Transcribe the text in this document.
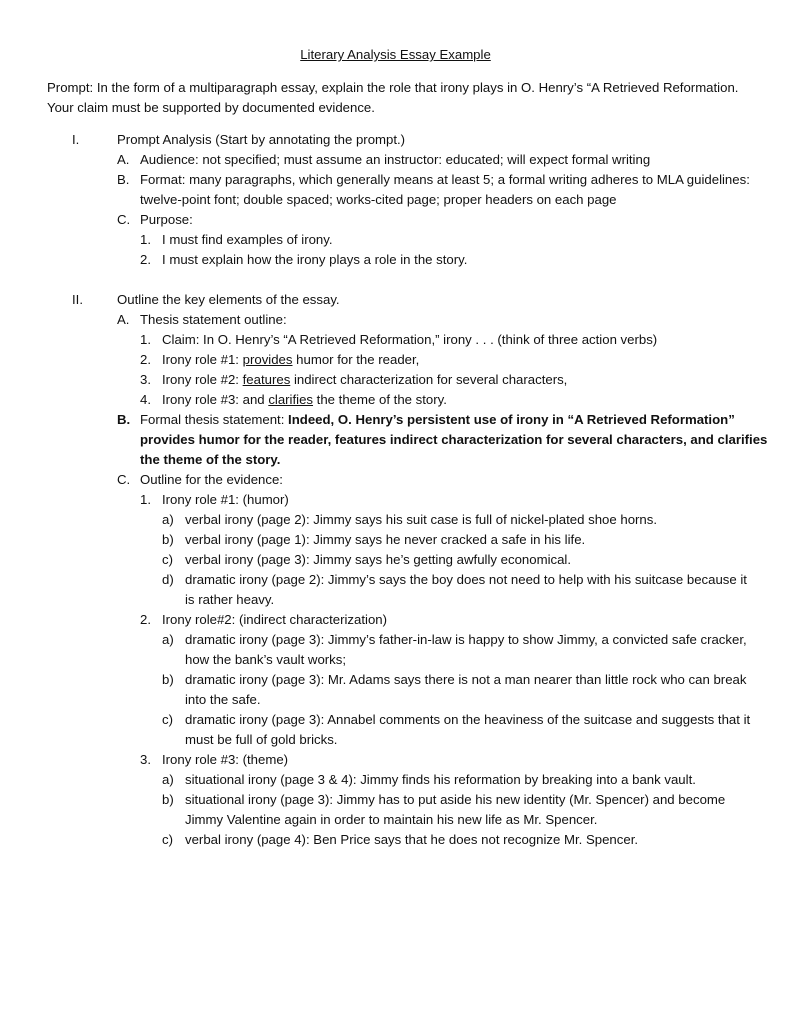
Literary Analysis Essay Example
Prompt: In the form of a multiparagraph essay, explain the role that irony plays in O. Henry’s “A Retrieved Reformation.
Your claim must be supported by documented evidence.
I.	Prompt Analysis (Start by annotating the prompt.)
A. Audience: not specified; must assume an instructor: educated; will expect formal writing
B. Format: many paragraphs, which generally means at least 5; a formal writing adheres to MLA guidelines:
twelve-point font; double spaced; works-cited page; proper headers on each page
C. Purpose:
1. I must find examples of irony.
2. I must explain how the irony plays a role in the story.
II.	Outline the key elements of the essay.
A. Thesis statement outline:
1. Claim: In O. Henry’s “A Retrieved Reformation,” irony . . . (think of three action verbs)
2. Irony role #1: provides humor for the reader,
3. Irony role #2: features indirect characterization for several characters,
4. Irony role #3: and clarifies the theme of the story.
B. Formal thesis statement: Indeed, O. Henry’s persistent use of irony in “A Retrieved Reformation”
provides humor for the reader, features indirect characterization for several characters, and clarifies
the theme of the story.
C. Outline for the evidence:
1. Irony role #1: (humor)
a) verbal irony (page 2): Jimmy says his suit case is full of nickel-plated shoe horns.
b) verbal irony (page 1): Jimmy says he never cracked a safe in his life.
c) verbal irony (page 3): Jimmy says he’s getting awfully economical.
d) dramatic irony (page 2): Jimmy’s says the boy does not need to help with his suitcase because it
is rather heavy.
2. Irony role#2: (indirect characterization)
a) dramatic irony (page 3): Jimmy’s father-in-law is happy to show Jimmy, a convicted safe cracker,
how the bank’s vault works;
b) dramatic irony (page 3): Mr. Adams says there is not a man nearer than little rock who can break
into the safe.
c) dramatic irony (page 3): Annabel comments on the heaviness of the suitcase and suggests that it
must be full of gold bricks.
3. Irony role #3: (theme)
a) situational irony (page 3 & 4): Jimmy finds his reformation by breaking into a bank vault.
b) situational irony (page 3): Jimmy has to put aside his new identity (Mr. Spencer) and become
Jimmy Valentine again in order to maintain his new life as Mr. Spencer.
c) verbal irony (page 4): Ben Price says that he does not recognize Mr. Spencer.
